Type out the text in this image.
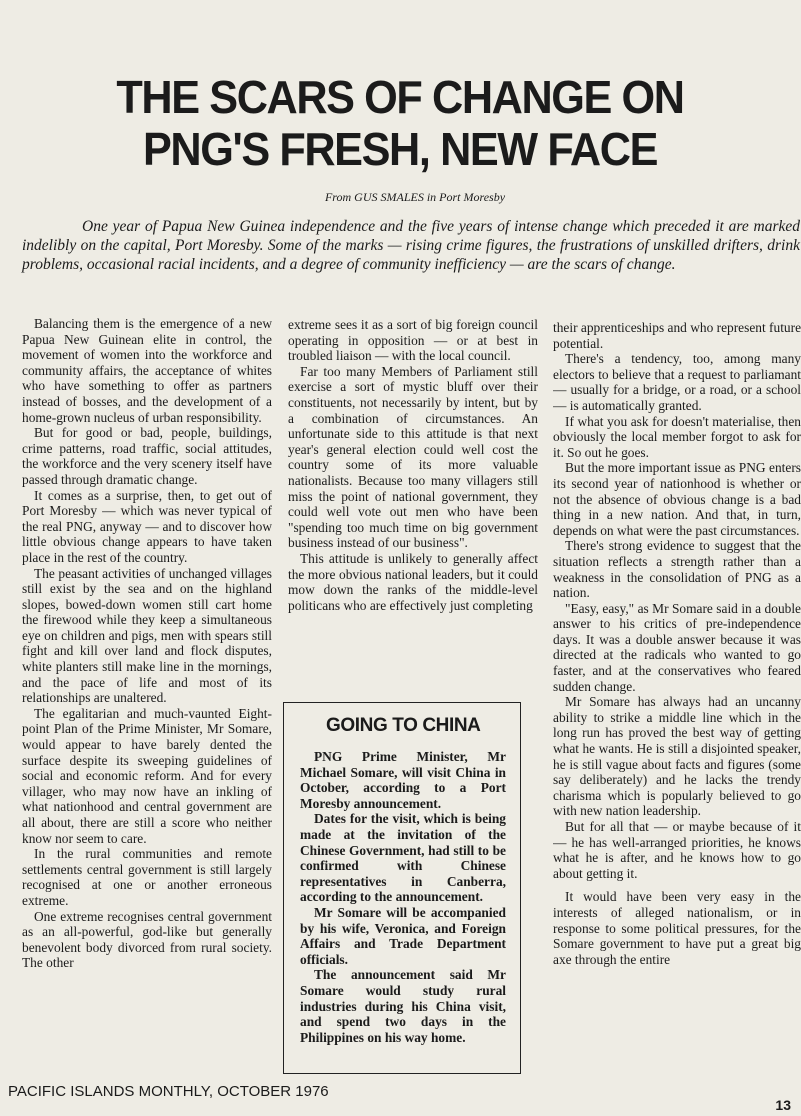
THE SCARS OF CHANGE ON
PNG'S FRESH, NEW FACE
From GUS SMALES in Port Moresby

One year of Papua New Guinea independence and the five years of intense change which preceded it are marked indelibly on the capital, Port Moresby. Some of the marks — rising crime figures, the frustrations of unskilled drifters, drink problems, occasional racial incidents, and a degree of community inefficiency — are the scars of change.

Balancing them is the emergence of a new Papua New Guinean elite in control, the movement of women into the workforce and community affairs, the acceptance of whites who have something to offer as partners instead of bosses, and the development of a home-grown nucleus of urban responsibility.

But for good or bad, people, buildings, crime patterns, road traffic, social attitudes, the workforce and the very scenery itself have passed through dramatic change.

It comes as a surprise, then, to get out of Port Moresby — which was never typical of the real PNG, anyway — and to discover how little obvious change appears to have taken place in the rest of the country.

The peasant activities of unchanged villages still exist by the sea and on the highland slopes, bowed-down women still cart home the firewood while they keep a simultaneous eye on children and pigs, men with spears still fight and kill over land and flock disputes, white planters still make line in the mornings, and the pace of life and most of its relationships are unaltered.

The egalitarian and much-vaunted Eight-point Plan of the Prime Minister, Mr Somare, would appear to have barely dented the surface despite its sweeping guidelines of social and economic reform. And for every villager, who may now have an inkling of what nationhood and central government are all about, there are still a score who neither know nor seem to care.

In the rural communities and remote settlements central government is still largely recognised at one or another erroneous extreme.

One extreme recognises central government as an all-powerful, god-like but generally benevolent body divorced from rural society. The other

extreme sees it as a sort of big foreign council operating in opposition — or at best in troubled liaison — with the local council.

Far too many Members of Parliament still exercise a sort of mystic bluff over their constituents, not necessarily by intent, but by a combination of circumstances. An unfortunate side to this attitude is that next year's general election could well cost the country some of its more valuable nationalists. Because too many villagers still miss the point of national government, they could well vote out men who have been "spending too much time on big government business instead of our business".

This attitude is unlikely to generally affect the more obvious national leaders, but it could mow down the ranks of the middle-level politicans who are effectively just completing

GOING TO CHINA

PNG Prime Minister, Mr Michael Somare, will visit China in October, according to a Port Moresby announcement.

Dates for the visit, which is being made at the invitation of the Chinese Government, had still to be confirmed with Chinese representatives in Canberra, according to the announcement.

Mr Somare will be accompanied by his wife, Veronica, and Foreign Affairs and Trade Department officials.

The announcement said Mr Somare would study rural industries during his China visit, and spend two days in the Philippines on his way home.

their apprenticeships and who represent future potential.

There's a tendency, too, among many electors to believe that a request to parliamant — usually for a bridge, or a road, or a school — is automatically granted.

If what you ask for doesn't materialise, then obviously the local member forgot to ask for it. So out he goes.

But the more important issue as PNG enters its second year of nationhood is whether or not the absence of obvious change is a bad thing in a new nation. And that, in turn, depends on what were the past circumstances.

There's strong evidence to suggest that the situation reflects a strength rather than a weakness in the consolidation of PNG as a nation.

"Easy, easy," as Mr Somare said in a double answer to his critics of pre-independence days. It was a double answer because it was directed at the radicals who wanted to go faster, and at the conservatives who feared sudden change.

Mr Somare has always had an uncanny ability to strike a middle line which in the long run has proved the best way of getting what he wants. He is still a disjointed speaker, he is still vague about facts and figures (some say deliberately) and he lacks the trendy charisma which is popularly believed to go with new nation leadership.

But for all that — or maybe because of it — he has well-arranged priorities, he knows what he is after, and he knows how to go about getting it.

It would have been very easy in the interests of alleged nationalism, or in response to some political pressures, for the Somare government to have put a great big axe through the entire

PACIFIC ISLANDS MONTHLY, OCTOBER 1976
13
